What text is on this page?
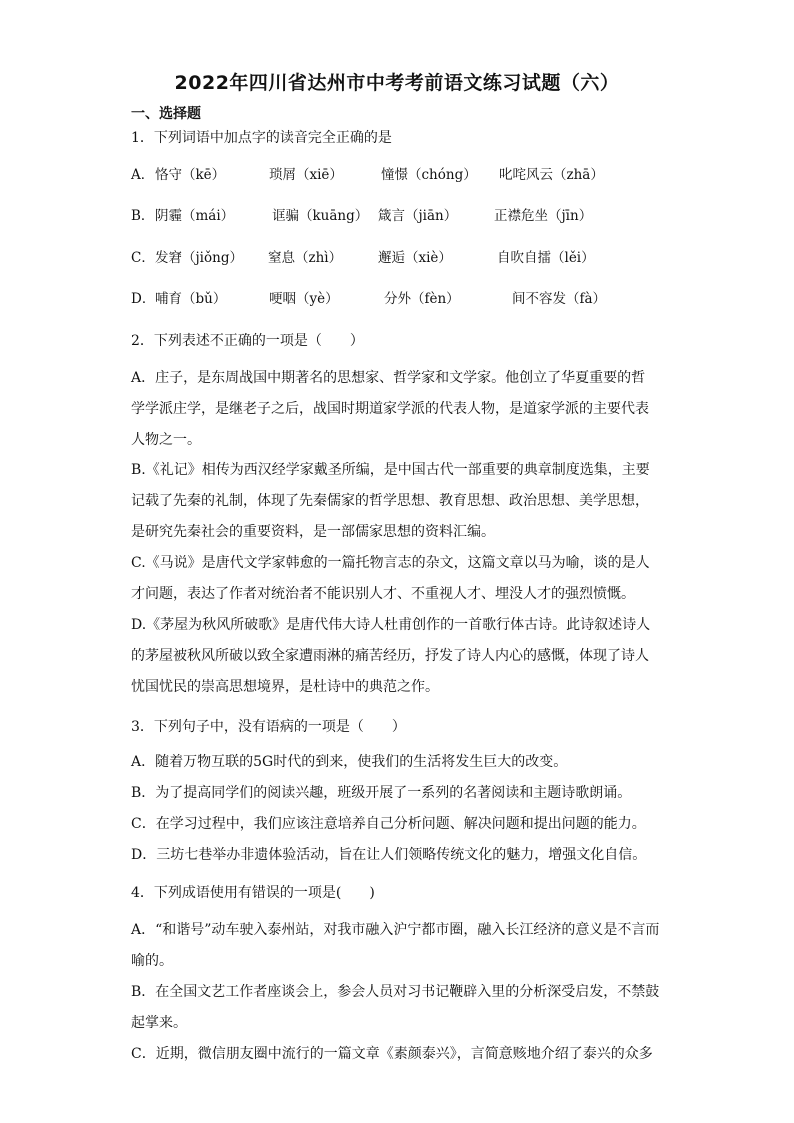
2022年四川省达州市中考考前语文练习试题（六）
一、选择题
1．下列词语中加点字的读音完全正确的是
A． 恪守（kē）	琐屑（xiē）	憧憬（chóng） 叱咤风云（zhā）
B． 阴霾（mái）	诓骗（kuāng） 箴言（jiān）	正襟危坐（jīn）
C． 发窘（jiǒng） 窒息（zhì）	邂逅（xiè）	自吹自擂（lěi）
D． 哺育（bǔ）	哽咽（yè）	分外（fèn）	间不容发（fà）
2．下列表述不正确的一项是（　　）
A．庄子，是东周战国中期著名的思想家、哲学家和文学家。他创立了华夏重要的哲
学学派庄学，是继老子之后，战国时期道家学派的代表人物，是道家学派的主要代表
人物之一。
B.《礼记》相传为西汉经学家戴圣所编，是中国古代一部重要的典章制度选集，主要
记载了先秦的礼制，体现了先秦儒家的哲学思想、教育思想、政治思想、美学思想，
是研究先秦社会的重要资料，是一部儒家思想的资料汇编。
C.《马说》是唐代文学家韩愈的一篇托物言志的杂文，这篇文章以马为喻，谈的是人
才问题，表达了作者对统治者不能识别人才、不重视人才、埋没人才的强烈愤慨。
D.《茅屋为秋风所破歌》是唐代伟大诗人杜甫创作的一首歌行体古诗。此诗叙述诗人
的茅屋被秋风所破以致全家遭雨淋的痛苦经历，抒发了诗人内心的感慨，体现了诗人
忧国忧民的崇高思想境界，是杜诗中的典范之作。
3．下列句子中，没有语病的一项是（　　）
A．随着万物互联的5G时代的到来，使我们的生活将发生巨大的改变。
B．为了提高同学们的阅读兴趣，班级开展了一系列的名著阅读和主题诗歌朗诵。
C．在学习过程中，我们应该注意培养自己分析问题、解决问题和提出问题的能力。
D．三坊七巷举办非遗体验活动，旨在让人们领略传统文化的魅力，增强文化自信。
4．下列成语使用有错误的一项是(　　)
A．“和谐号”动车驶入泰州站，对我市融入沪宁都市圈，融入长江经济的意义是不言而
喻的。
B．在全国文艺工作者座谈会上，参会人员对习书记鞭辟入里的分析深受启发，不禁鼓
起掌来。
C．近期，微信朋友圈中流行的一篇文章《素颜泰兴》，言简意赅地介绍了泰兴的众多
